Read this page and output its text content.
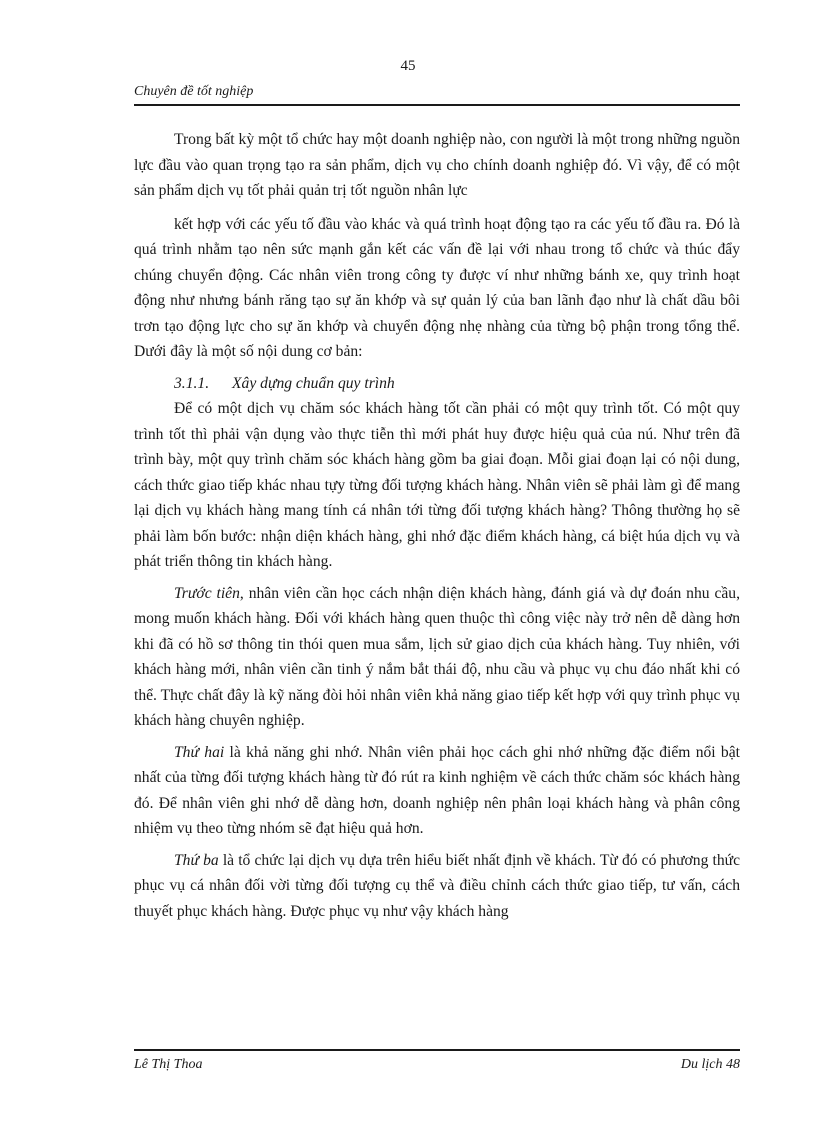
45
Chuyên đề tốt nghiệp

Trong bất kỳ một tổ chức hay một doanh nghiệp nào, con người là một trong những nguồn lực đầu vào quan trọng tạo ra sản phẩm, dịch vụ cho chính doanh nghiệp đó. Vì vậy, để có một sản phẩm dịch vụ tốt phải quản trị tốt nguồn nhân lực

kết hợp với các yếu tố đầu vào khác và quá trình hoạt động tạo ra các yếu tố đầu ra. Đó là quá trình nhằm tạo nên sức mạnh gắn kết các vấn đề lại với nhau trong tổ chức và thúc đẩy chúng chuyển động. Các nhân viên trong công ty được ví như những bánh xe, quy trình hoạt động như nhưng bánh răng tạo sự ăn khớp và sự quản lý của ban lãnh đạo như là chất dầu bôi trơn tạo động lực cho sự ăn khớp và chuyển động nhẹ nhàng của từng bộ phận trong tổng thể. Dưới đây là một số nội dung cơ bản:

3.1.1. Xây dựng chuẩn quy trình

Để có một dịch vụ chăm sóc khách hàng tốt cần phải có một quy trình tốt. Có một quy trình tốt thì phải vận dụng vào thực tiễn thì mới phát huy được hiệu quả của nú. Như trên đã trình bày, một quy trình chăm sóc khách hàng gồm ba giai đoạn. Mỗi giai đoạn lại có nội dung, cách thức giao tiếp khác nhau tựy từng đối tượng khách hàng. Nhân viên sẽ phải làm gì để mang lại dịch vụ khách hàng mang tính cá nhân tới từng đối tượng khách hàng? Thông thường họ sẽ phải làm bốn bước: nhận diện khách hàng, ghi nhớ đặc điểm khách hàng, cá biệt húa dịch vụ và phát triển thông tin khách hàng.

Trước tiên, nhân viên cần học cách nhận diện khách hàng, đánh giá và dự đoán nhu cầu, mong muốn khách hàng. Đối với khách hàng quen thuộc thì công việc này trở nên dễ dàng hơn khi đã có hồ sơ thông tin thói quen mua sắm, lịch sử giao dịch của khách hàng. Tuy nhiên, với khách hàng mới, nhân viên cần tinh ý nắm bắt thái độ, nhu cầu và phục vụ chu đáo nhất khi có thể. Thực chất đây là kỹ năng đòi hỏi nhân viên khả năng giao tiếp kết hợp với quy trình phục vụ khách hàng chuyên nghiệp.

Thứ hai là khả năng ghi nhớ. Nhân viên phải học cách ghi nhớ những đặc điểm nổi bật nhất của từng đối tượng khách hàng từ đó rút ra kinh nghiệm về cách thức chăm sóc khách hàng đó. Để nhân viên ghi nhớ dễ dàng hơn, doanh nghiệp nên phân loại khách hàng và phân công nhiệm vụ theo từng nhóm sẽ đạt hiệu quả hơn.

Thứ ba là tổ chức lại dịch vụ dựa trên hiểu biết nhất định về khách. Từ đó có phương thức phục vụ cá nhân đối vời từng đối tượng cụ thể và điều chỉnh cách thức giao tiếp, tư vấn, cách thuyết phục khách hàng. Được phục vụ như vậy khách hàng

Lê Thị Thoa	Du lịch 48
